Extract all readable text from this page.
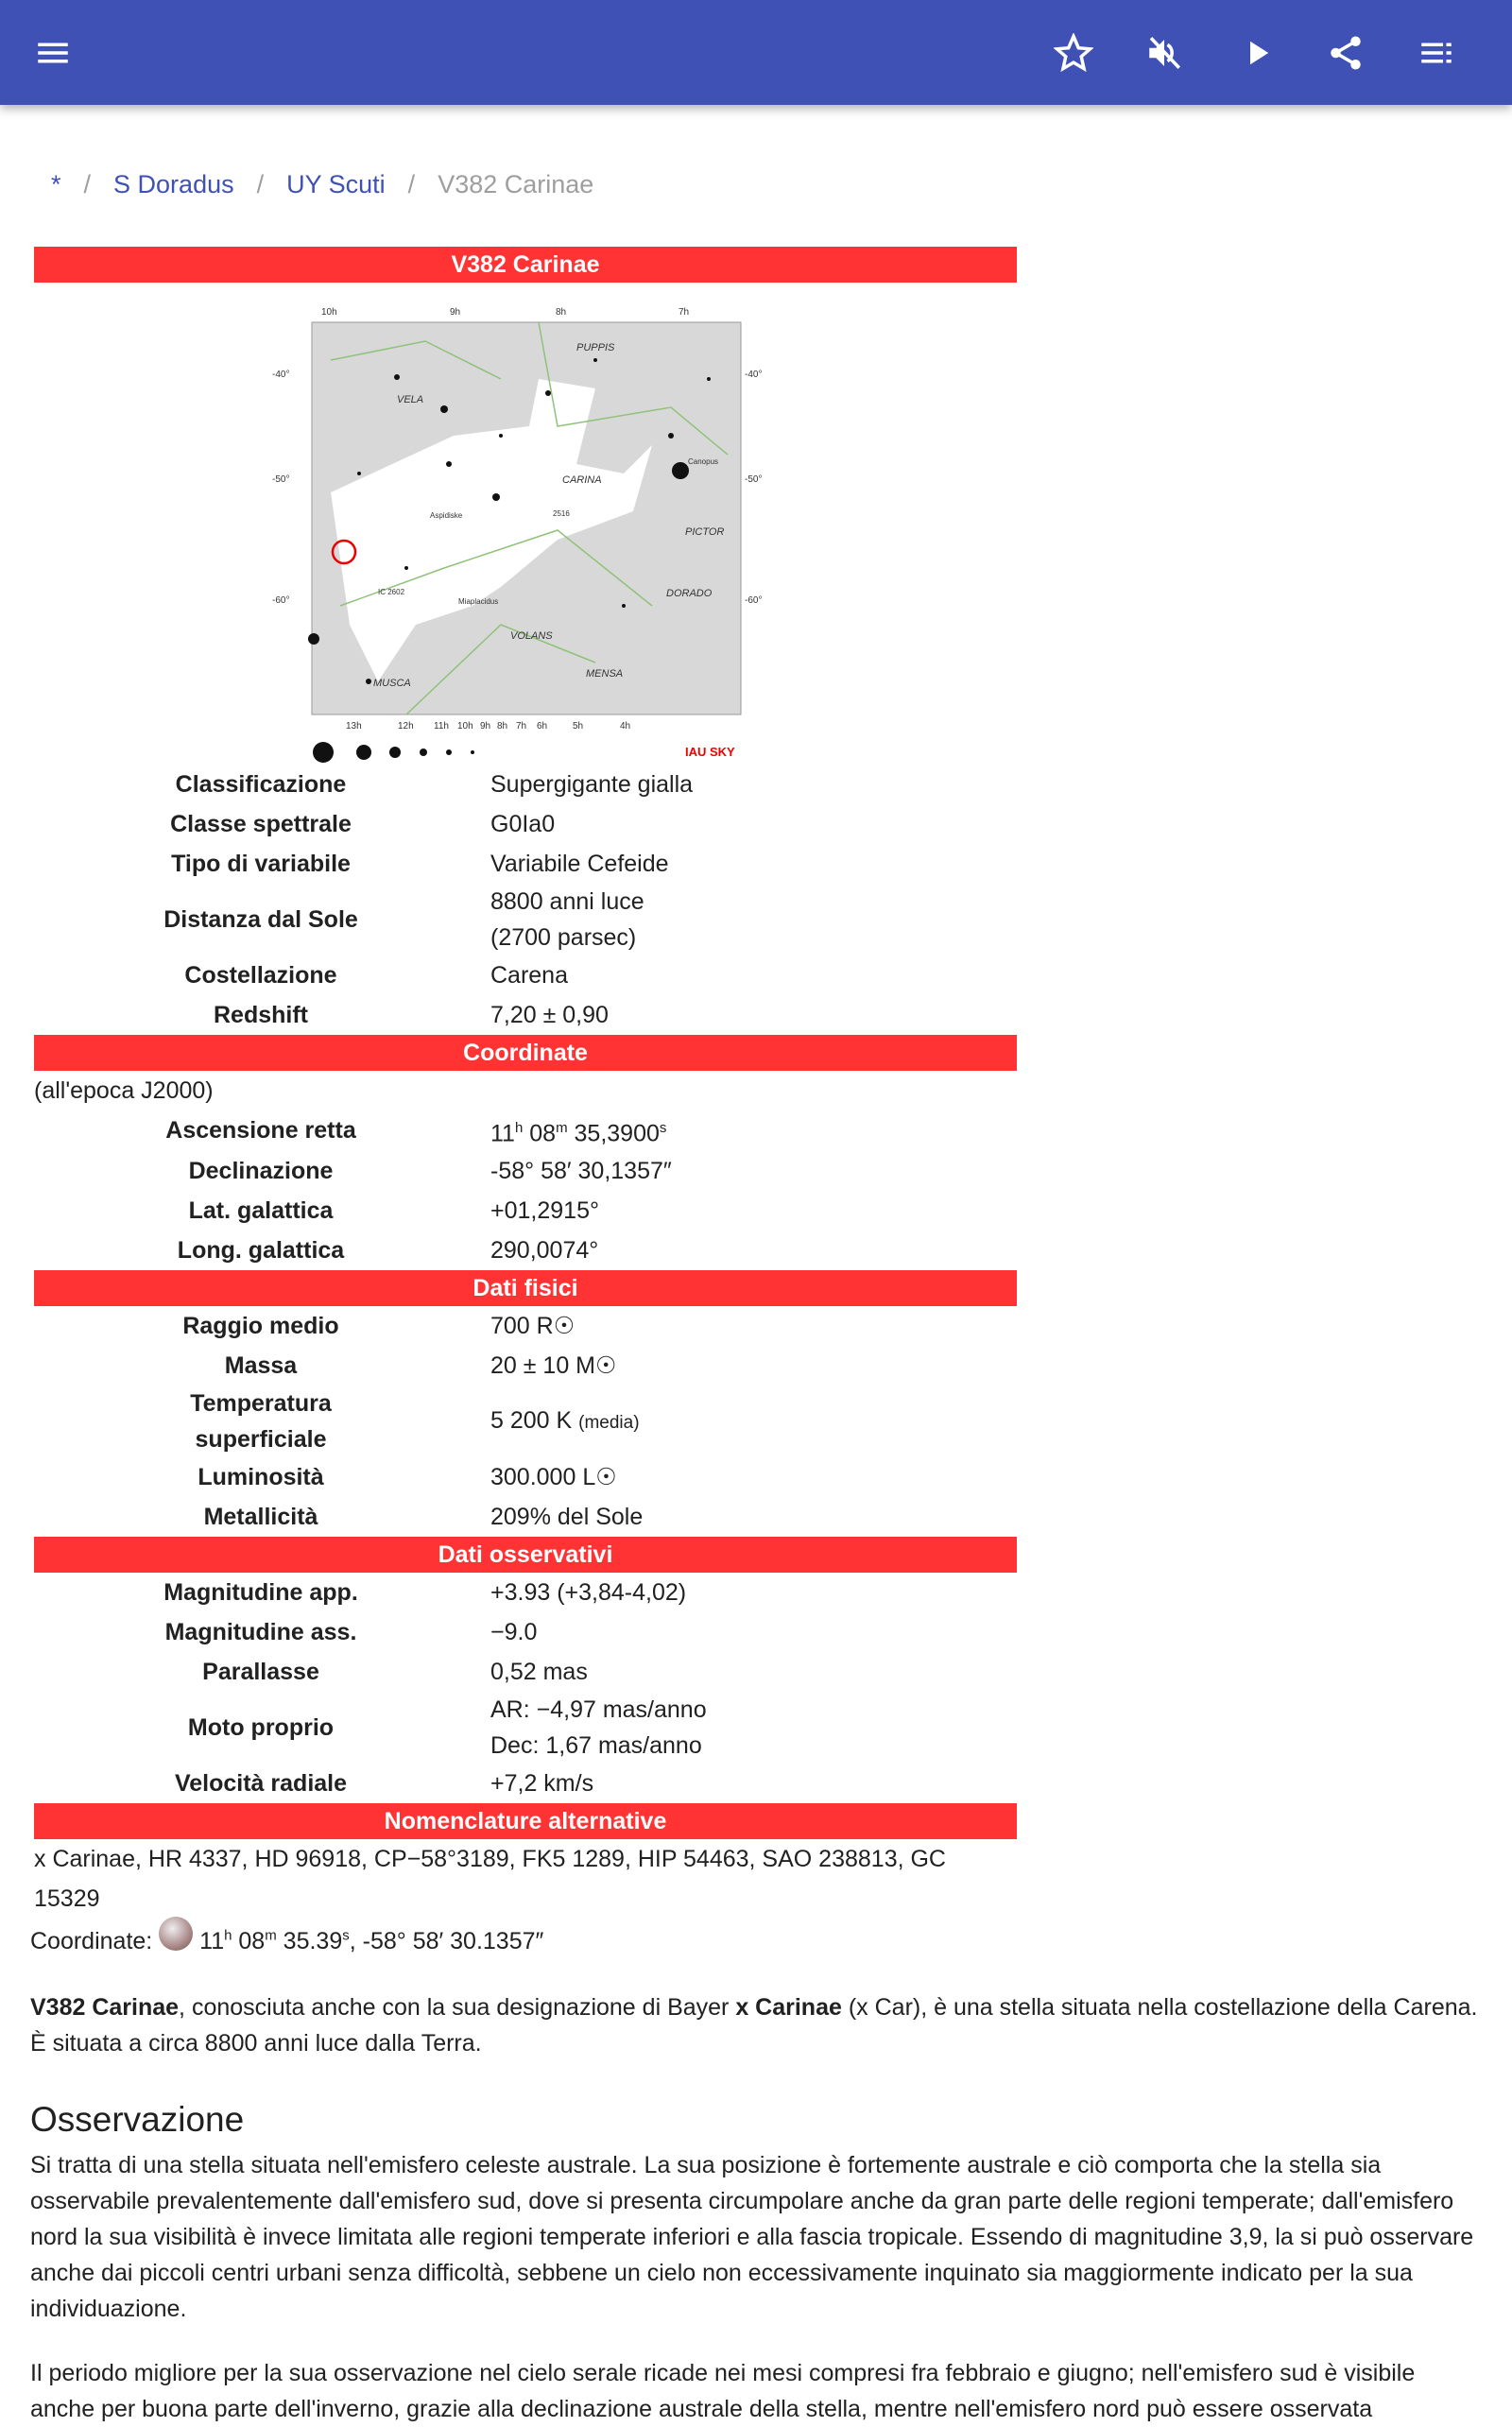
* / S Doradus / UY Scuti / V382 Carinae
V382 Carinae
10h	9h	8h	7h
-40°
-50°
-60°
-40°
-50°
-60°
13h	12h 11h 10h 9h 8h 7h 6h	5h	4h
PUPPIS
VELA
CARINA
PICTOR
DORADO
VOLANS
MENSA
MUSCA
Canopus
Miaplacidus
Aspidiske
IC 2602
2516
IAU SKY
Classificazione	Supergigante gialla
Classe spettrale	G0Ia0
Tipo di variabile	Variabile Cefeide
Distanza dal Sole
8800 anni luce
(2700 parsec)
Costellazione	Carena
Redshift	7,20 ± 0,90
Coordinate
(all'epoca J2000)
Ascensione retta	11$^h$ 08$^m$ 35,3900$^s$
Declinazione	-58° 58′ 30,1357″
Lat. galattica	+01,2915°
Long. galattica	290,0074°
Dati fisici
Raggio medio	700 R☉
Massa	20 ± 10 M☉
Temperatura superficiale
5 200 K (media)
Luminosità	300.000 L☉
Metallicità	209% del Sole
Dati osservativi
Magnitudine app.	+3.93 (+3,84-4,02)
Magnitudine ass.	−9.0
Parallasse	0,52 mas
Moto proprio
AR: −4,97 mas/anno
Dec: 1,67 mas/anno
Velocità radiale	+7,2 km/s
Nomenclature alternative
x Carinae, HR 4337, HD 96918, CP−58°3189, FK5 1289, HIP 54463, SAO 238813, GC 15329
Coordinate: 11$^h$ 08$^m$ 35.39$^s$, -58° 58′ 30.1357″

V382 Carinae, conosciuta anche con la sua designazione di Bayer x Carinae (x Car), è una stella situata nella costellazione della Carena. È situata a circa 8800 anni luce dalla Terra.

Osservazione

Si tratta di una stella situata nell'emisfero celeste australe. La sua posizione è fortemente australe e ciò comporta che la stella sia osservabile prevalentemente dall'emisfero sud, dove si presenta circumpolare anche da gran parte delle regioni temperate; dall'emisfero nord la sua visibilità è invece limitata alle regioni temperate inferiori e alla fascia tropicale. Essendo di magnitudine 3,9, la si può osservare anche dai piccoli centri urbani senza difficoltà, sebbene un cielo non eccessivamente inquinato sia maggiormente indicato per la sua individuazione.

Il periodo migliore per la sua osservazione nel cielo serale ricade nei mesi compresi fra febbraio e giugno; nell'emisfero sud è visibile anche per buona parte dell'inverno, grazie alla declinazione australe della stella, mentre nell'emisfero nord può essere osservata
